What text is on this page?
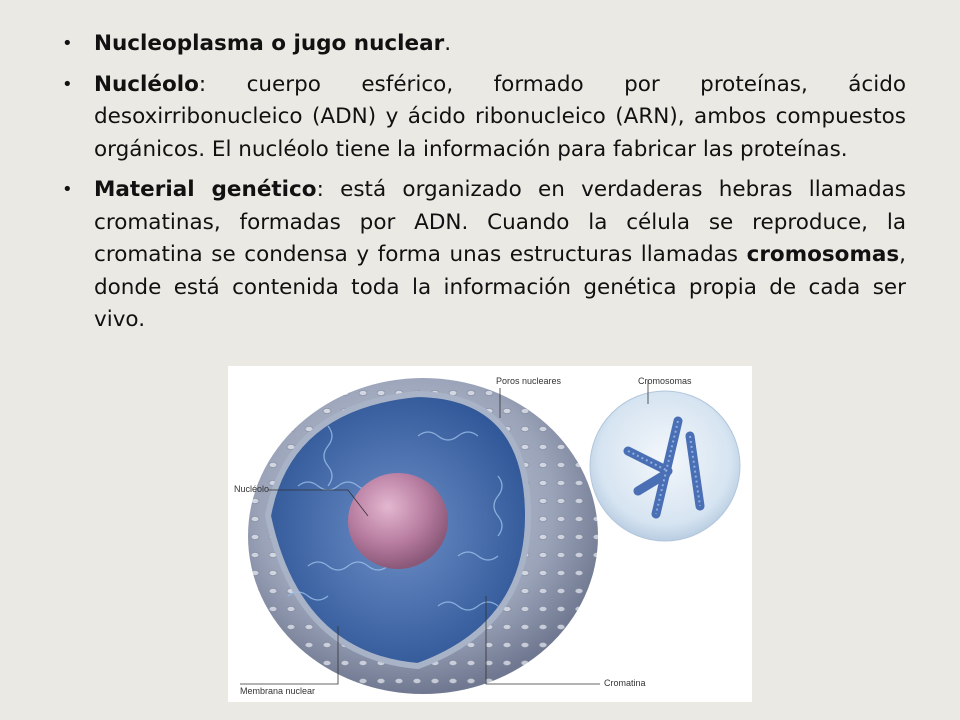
• Nucleoplasma o jugo nuclear.
• Nucléolo: cuerpo esférico, formado por proteínas, ácido desoxirribonucleico (ADN) y ácido ribonucleico (ARN), ambos compuestos orgánicos. El nucléolo tiene la información para fabricar las proteínas.
• Material genético: está organizado en verdaderas hebras llamadas cromatinas, formadas por ADN. Cuando la célula se reproduce, la cromatina se condensa y forma unas estructuras llamadas cromosomas, donde está contenida toda la información genética propia de cada ser vivo.
Poros nucleares	Cromosomas
Nucléolo
Membrana nuclear
Cromatina
